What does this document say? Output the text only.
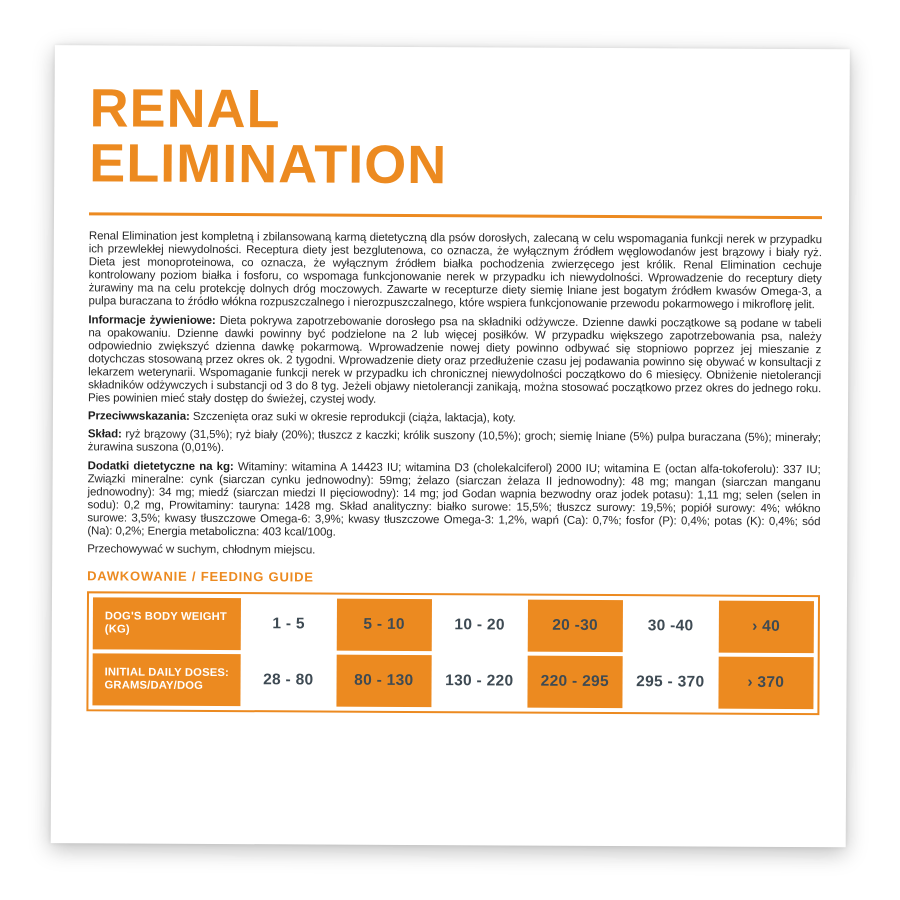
RENAL
ELIMINATION

Renal Elimination jest kompletną i zbilansowaną karmą dietetyczną dla psów dorosłych, zalecaną w celu wspomagania funkcji nerek w przypadku ich przewlekłej niewydolności. Receptura diety jest bezglutenowa, co oznacza, że wyłącznym źródłem węglowodanów jest brązowy i biały ryż. Dieta jest monoproteinowa, co oznacza, że wyłącznym źródłem białka pochodzenia zwierzęcego jest królik. Renal Elimination cechuje kontrolowany poziom białka i fosforu, co wspomaga funkcjonowanie nerek w przypadku ich niewydolności. Wprowadzenie do receptury diety żurawiny ma na celu protekcję dolnych dróg moczowych. Zawarte w recepturze diety siemię lniane jest bogatym źródłem kwasów Omega-3, a pulpa buraczana to źródło włókna rozpuszczalnego i nierozpuszczalnego, które wspiera funkcjonowanie przewodu pokarmowego i mikroflorę jelit.

Informacje żywieniowe: Dieta pokrywa zapotrzebowanie dorosłego psa na składniki odżywcze. Dzienne dawki początkowe są podane w tabeli na opakowaniu. Dzienne dawki powinny być podzielone na 2 lub więcej posiłków. W przypadku większego zapotrzebowania psa, należy odpowiednio zwiększyć dzienna dawkę pokarmową. Wprowadzenie nowej diety powinno odbywać się stopniowo poprzez jej mieszanie z dotychczas stosowaną przez okres ok. 2 tygodni. Wprowadzenie diety oraz przedłużenie czasu jej podawania powinno się obywać w konsultacji z lekarzem weterynarii. Wspomaganie funkcji nerek w przypadku ich chronicznej niewydolności początkowo do 6 miesięcy. Obniżenie nietolerancji składników odżywczych i substancji od 3 do 8 tyg. Jeżeli objawy nietolerancji zanikają, można stosować początkowo przez okres do jednego roku. Pies powinien mieć stały dostęp do świeżej, czystej wody.

Przeciwwskazania: Szczenięta oraz suki w okresie reprodukcji (ciąża, laktacja), koty.

Skład: ryż brązowy (31,5%); ryż biały (20%); tłuszcz z kaczki; królik suszony (10,5%); groch; siemię lniane (5%) pulpa buraczana (5%); minerały; żurawina suszona (0,01%).

Dodatki dietetyczne na kg: Witaminy: witamina A 14423 IU; witamina D3 (cholekalciferol) 2000 IU; witamina E (octan alfa-tokoferolu): 337 IU; Związki mineralne: cynk (siarczan cynku jednowodny): 59mg; żelazo (siarczan żelaza II jednowodny): 48 mg; mangan (siarczan manganu jednowodny): 34 mg; miedź (siarczan miedzi II pięciowodny): 14 mg; jod Godan wapnia bezwodny oraz jodek potasu): 1,11 mg; selen (selen in sodu): 0,2 mg, Prowitaminy: tauryna: 1428 mg. Skład analityczny: białko surowe: 15,5%; tłuszcz surowy: 19,5%; popiół surowy: 4%; włókno surowe: 3,5%; kwasy tłuszczowe Omega-6: 3,9%; kwasy tłuszczowe Omega-3: 1,2%, wapń (Ca): 0,7%; fosfor (P): 0,4%; potas (K): 0,4%; sód (Na): 0,2%; Energia metaboliczna: 403 kcal/100g.

Przechowywać w suchym, chłodnym miejscu.

DAWKOWANIE / FEEDING GUIDE
DOG'S BODY WEIGHT
(KG)	1 - 5	5 - 10	10 - 20	20 -30	30 -40	› 40
INITIAL DAILY DOSES:
GRAMS/DAY/DOG	28 - 80	80 - 130	130 - 220	220 - 295	295 - 370	› 370
